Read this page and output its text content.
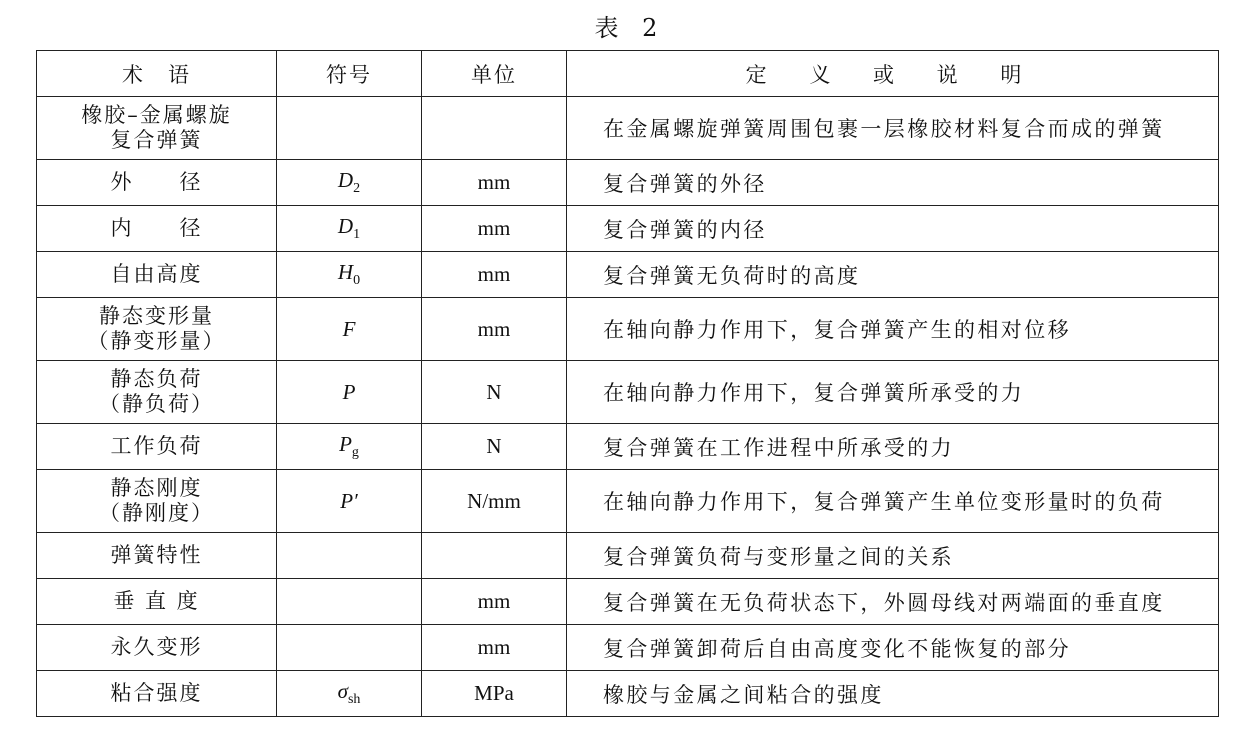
表 2
术　语	符号	单位	定 义 或 说 明

橡胶–金属螺旋
复合弹簧			在金属螺旋弹簧周围包裹一层橡胶材料复合而成的弹簧
外　　径	$D_2$	mm	复合弹簧的外径
内　　径	$D_1$	mm	复合弹簧的内径
自由高度	$H_0$	mm	复合弹簧无负荷时的高度

静态变形量
（静变形量）	F	mm	在轴向静力作用下，复合弹簧产生的相对位移

静态负荷
（静负荷）	P	N	在轴向静力作用下，复合弹簧所承受的力
工作负荷	$P_g$	N	复合弹簧在工作进程中所承受的力

静态刚度
（静刚度）	P′	N/mm	在轴向静力作用下，复合弹簧产生单位变形量时的负荷
弹簧特性			复合弹簧负荷与变形量之间的关系
垂 直 度		mm	复合弹簧在无负荷状态下，外圆母线对两端面的垂直度
永久变形		mm	复合弹簧卸荷后自由高度变化不能恢复的部分
粘合强度	$\sigma_{sh}$	MPa	橡胶与金属之间粘合的强度
